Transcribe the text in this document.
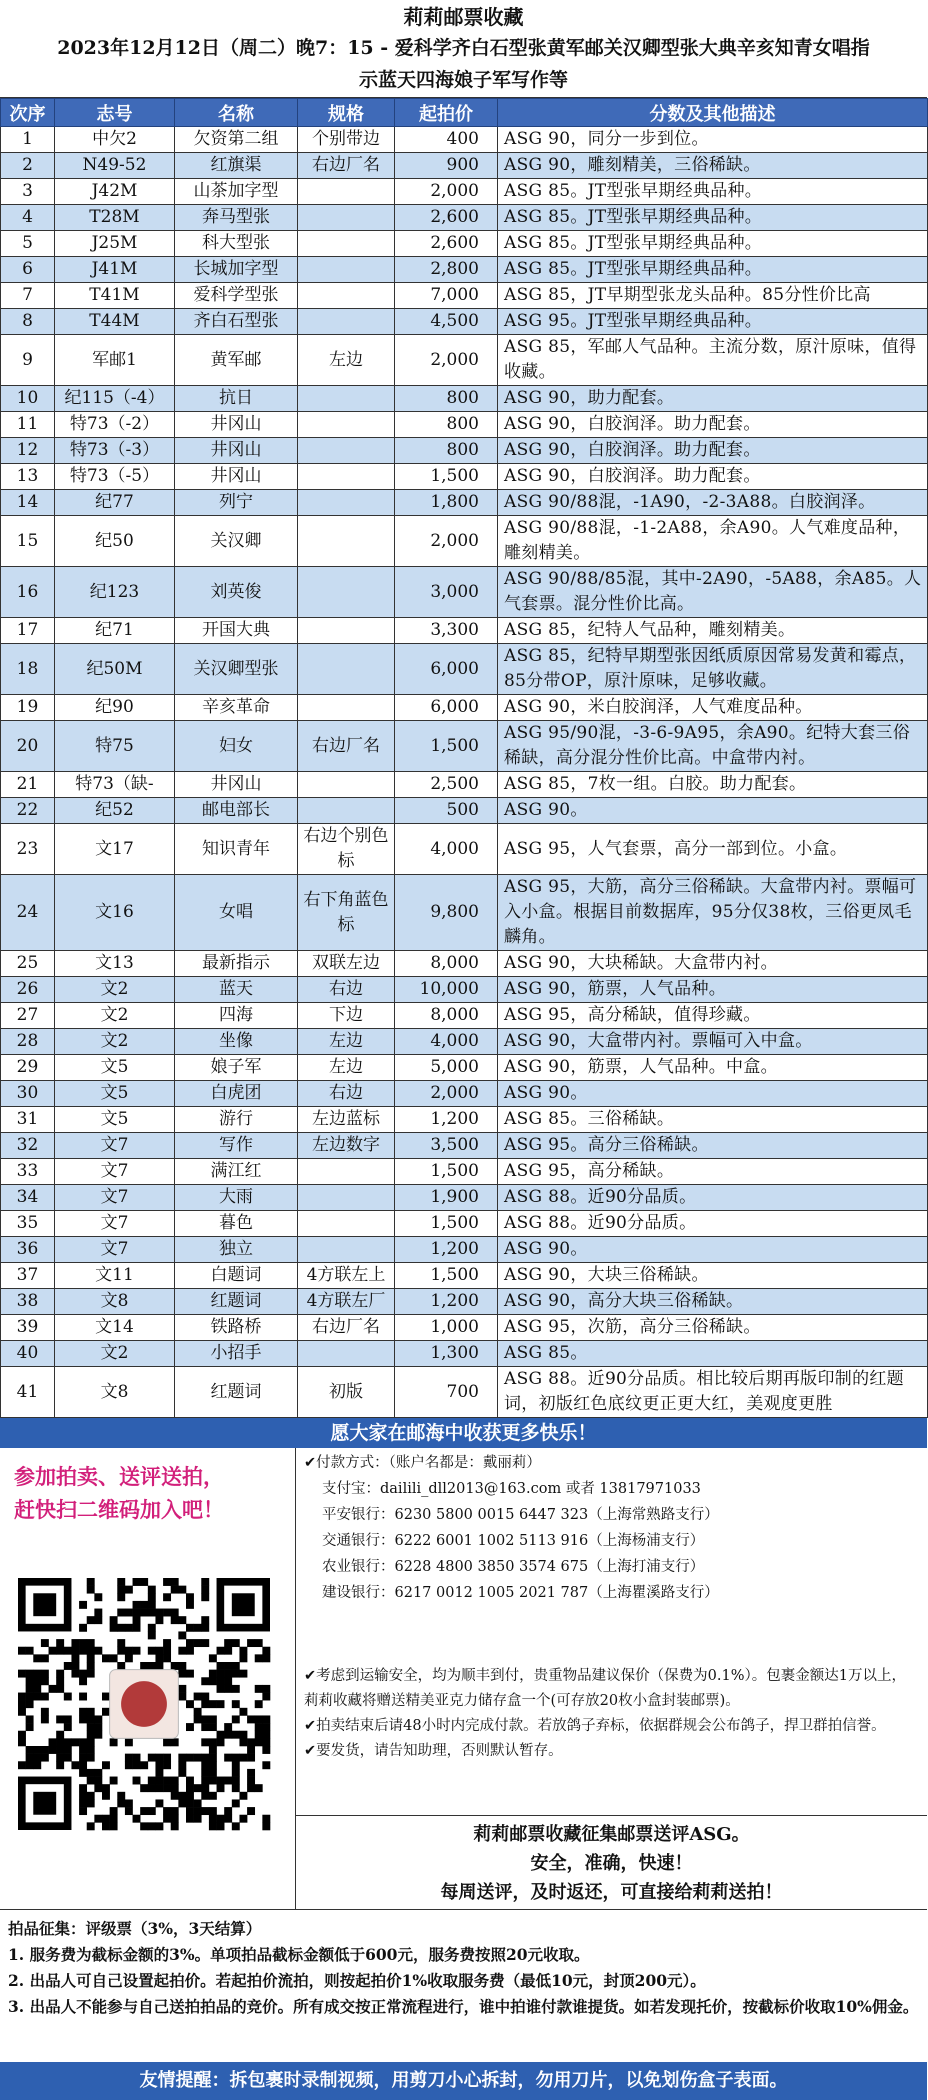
莉莉邮票收藏
2023年12月12日（周二）晚7：15 - 爱科学齐白石型张黄军邮关汉卿型张大典辛亥知青女唱指
示蓝天四海娘子军写作等
次序	志号	名称	规格	起拍价	分数及其他描述
1	中欠2	欠资第二组	个别带边	400	ASG 90，同分一步到位。
2	N49-52	红旗渠	右边厂名	900	ASG 90，雕刻精美，三俗稀缺。
3	J42M	山茶加字型		2,000	ASG 85。JT型张早期经典品种。
4	T28M	奔马型张		2,600	ASG 85。JT型张早期经典品种。
5	J25M	科大型张		2,600	ASG 85。JT型张早期经典品种。
6	J41M	长城加字型		2,800	ASG 85。JT型张早期经典品种。
7	T41M	爱科学型张		7,000	ASG 85，JT早期型张龙头品种。85分性价比高
8	T44M	齐白石型张		4,500	ASG 95。JT型张早期经典品种。
9	军邮1	黄军邮	左边	2,000	ASG 85，军邮人气品种。主流分数，原汁原味，值得收藏。
10	纪115（-4）	抗日		800	ASG 90，助力配套。
11	特73（-2）	井冈山		800	ASG 90，白胶润泽。助力配套。
12	特73（-3）	井冈山		800	ASG 90，白胶润泽。助力配套。
13	特73（-5）	井冈山		1,500	ASG 90，白胶润泽。助力配套。
14	纪77	列宁		1,800	ASG 90/88混，-1A90，-2-3A88。白胶润泽。
15	纪50	关汉卿		2,000	ASG 90/88混，-1-2A88，余A90。人气难度品种，雕刻精美。
16	纪123	刘英俊		3,000	ASG 90/88/85混，其中-2A90，-5A88，余A85。人气套票。混分性价比高。
17	纪71	开国大典		3,300	ASG 85，纪特人气品种，雕刻精美。
18	纪50M	关汉卿型张		6,000	ASG 85，纪特早期型张因纸质原因常易发黄和霉点，85分带OP，原汁原味，足够收藏。
19	纪90	辛亥革命		6,000	ASG 90，米白胶润泽，人气难度品种。
20	特75	妇女	右边厂名	1,500	ASG 95/90混，-3-6-9A95，余A90。纪特大套三俗稀缺，高分混分性价比高。中盒带内衬。
21	特73（缺-	井冈山		2,500	ASG 85，7枚一组。白胶。助力配套。
22	纪52	邮电部长		500	ASG 90。
23	文17	知识青年	右边个别色标	4,000	ASG 95，人气套票，高分一部到位。小盒。
24	文16	女唱	右下角蓝色标	9,800	ASG 95，大筋，高分三俗稀缺。大盒带内衬。票幅可入小盒。根据目前数据库，95分仅38枚，三俗更凤毛麟角。
25	文13	最新指示	双联左边	8,000	ASG 90，大块稀缺。大盒带内衬。
26	文2	蓝天	右边	10,000	ASG 90，筋票，人气品种。
27	文2	四海	下边	8,000	ASG 95，高分稀缺，值得珍藏。
28	文2	坐像	左边	4,000	ASG 90，大盒带内衬。票幅可入中盒。
29	文5	娘子军	左边	5,000	ASG 90，筋票，人气品种。中盒。
30	文5	白虎团	右边	2,000	ASG 90。
31	文5	游行	左边蓝标	1,200	ASG 85。三俗稀缺。
32	文7	写作	左边数字	3,500	ASG 95。高分三俗稀缺。
33	文7	满江红		1,500	ASG 95，高分稀缺。
34	文7	大雨		1,900	ASG 88。近90分品质。
35	文7	暮色		1,500	ASG 88。近90分品质。
36	文7	独立		1,200	ASG 90。
37	文11	白题词	4方联左上	1,500	ASG 90，大块三俗稀缺。
38	文8	红题词	4方联左厂	1,200	ASG 90，高分大块三俗稀缺。
39	文14	铁路桥	右边厂名	1,000	ASG 95，次筋，高分三俗稀缺。
40	文2	小招手		1,300	ASG 85。
41	文8	红题词	初版	700	ASG 88。近90分品质。相比较后期再版印制的红题词，初版红色底纹更正更大红，美观度更胜
愿大家在邮海中收获更多快乐！
参加拍卖、送评送拍，
赶快扫二维码加入吧！
✔付款方式：（账户名都是：戴丽莉）
支付宝：dailili_dll2013@163.com 或者 13817971033
平安银行：6230 5800 0015 6447 323（上海常熟路支行）
交通银行：6222 6001 1002 5113 916（上海杨浦支行）
农业银行：6228 4800 3850 3574 675（上海打浦支行）
建设银行：6217 0012 1005 2021 787（上海瞿溪路支行）
✔考虑到运输安全，均为顺丰到付，贵重物品建议保价（保费为0.1%）。包裹金额达1万以上，莉莉收藏将赠送精美亚克力储存盒一个(可存放20枚小盒封装邮票)。
✔拍卖结束后请48小时内完成付款。若放鸽子弃标，依据群规会公布鸽子，捍卫群拍信誉。
✔要发货，请告知助理，否则默认暂存。
莉莉邮票收藏征集邮票送评ASG。
安全，准确，快速！
每周送评，及时返还，可直接给莉莉送拍！
拍品征集：评级票（3%，3天结算）
1. 服务费为截标金额的3%。单项拍品截标金额低于600元，服务费按照20元收取。
2. 出品人可自己设置起拍价。若起拍价流拍，则按起拍价1%收取服务费（最低10元，封顶200元）。
3. 出品人不能参与自己送拍拍品的竞价。所有成交按正常流程进行，谁中拍谁付款谁提货。如若发现托价，按截标价收取10%佣金。
友情提醒：拆包裹时录制视频，用剪刀小心拆封，勿用刀片，以免划伤盒子表面。
